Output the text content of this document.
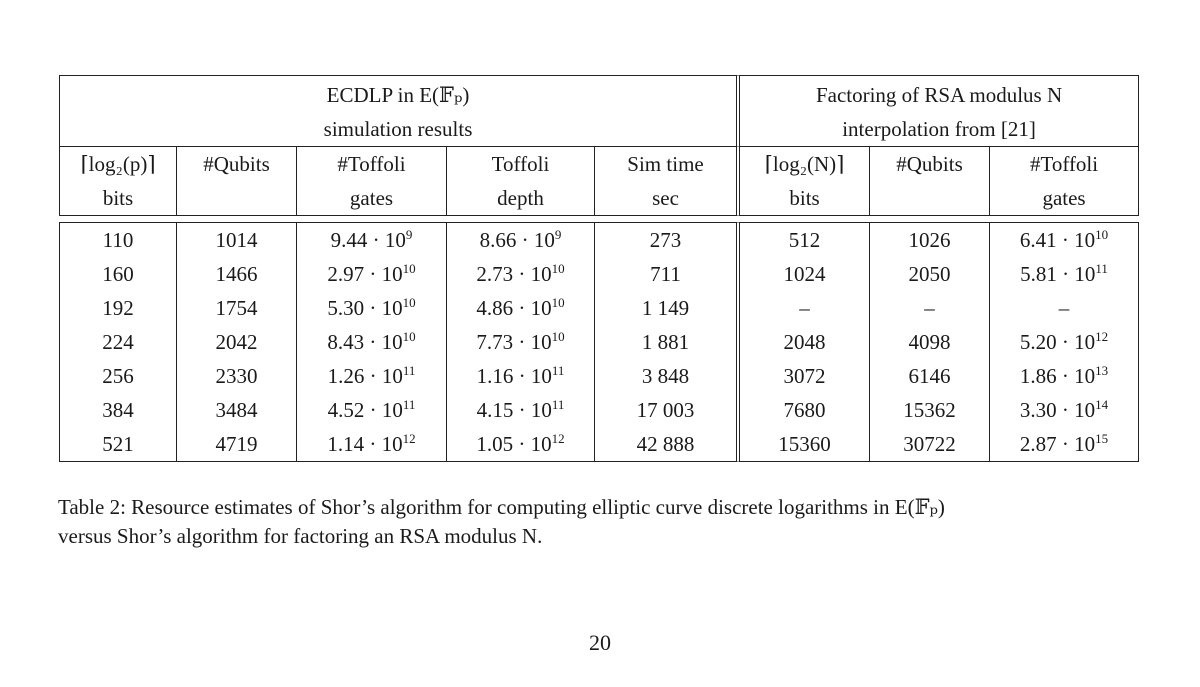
ECDLP in E(𝔽ₚ)					Factoring of RSA modulus N		
simulation results					interpolation from [21]		
⌈log₂(p)⌉	#Qubits	#Toffoli	Toffoli	Sim time	⌈log₂(N)⌉	#Qubits	#Toffoli
bits		gates	depth	sec	bits		gates

110	1014	$9.44 \cdot 10^9$	$8.66 \cdot 10^9$	273	512	1026	$6.41 \cdot 10^{10}$
160	1466	$2.97 \cdot 10^{10}$	$2.73 \cdot 10^{10}$	711	1024	2050	$5.81 \cdot 10^{11}$
192	1754	$5.30 \cdot 10^{10}$	$4.86 \cdot 10^{10}$	1 149	–	–	–
224	2042	$8.43 \cdot 10^{10}$	$7.73 \cdot 10^{10}$	1 881	2048	4098	$5.20 \cdot 10^{12}$
256	2330	$1.26 \cdot 10^{11}$	$1.16 \cdot 10^{11}$	3 848	3072	6146	$1.86 \cdot 10^{13}$
384	3484	$4.52 \cdot 10^{11}$	$4.15 \cdot 10^{11}$	17 003	7680	15362	$3.30 \cdot 10^{14}$
521	4719	$1.14 \cdot 10^{12}$	$1.05 \cdot 10^{12}$	42 888	15360	30722	$2.87 \cdot 10^{15}$
Table 2: Resource estimates of Shor’s algorithm for computing elliptic curve discrete logarithms in E(𝔽ₚ)
versus Shor’s algorithm for factoring an RSA modulus N.
20
